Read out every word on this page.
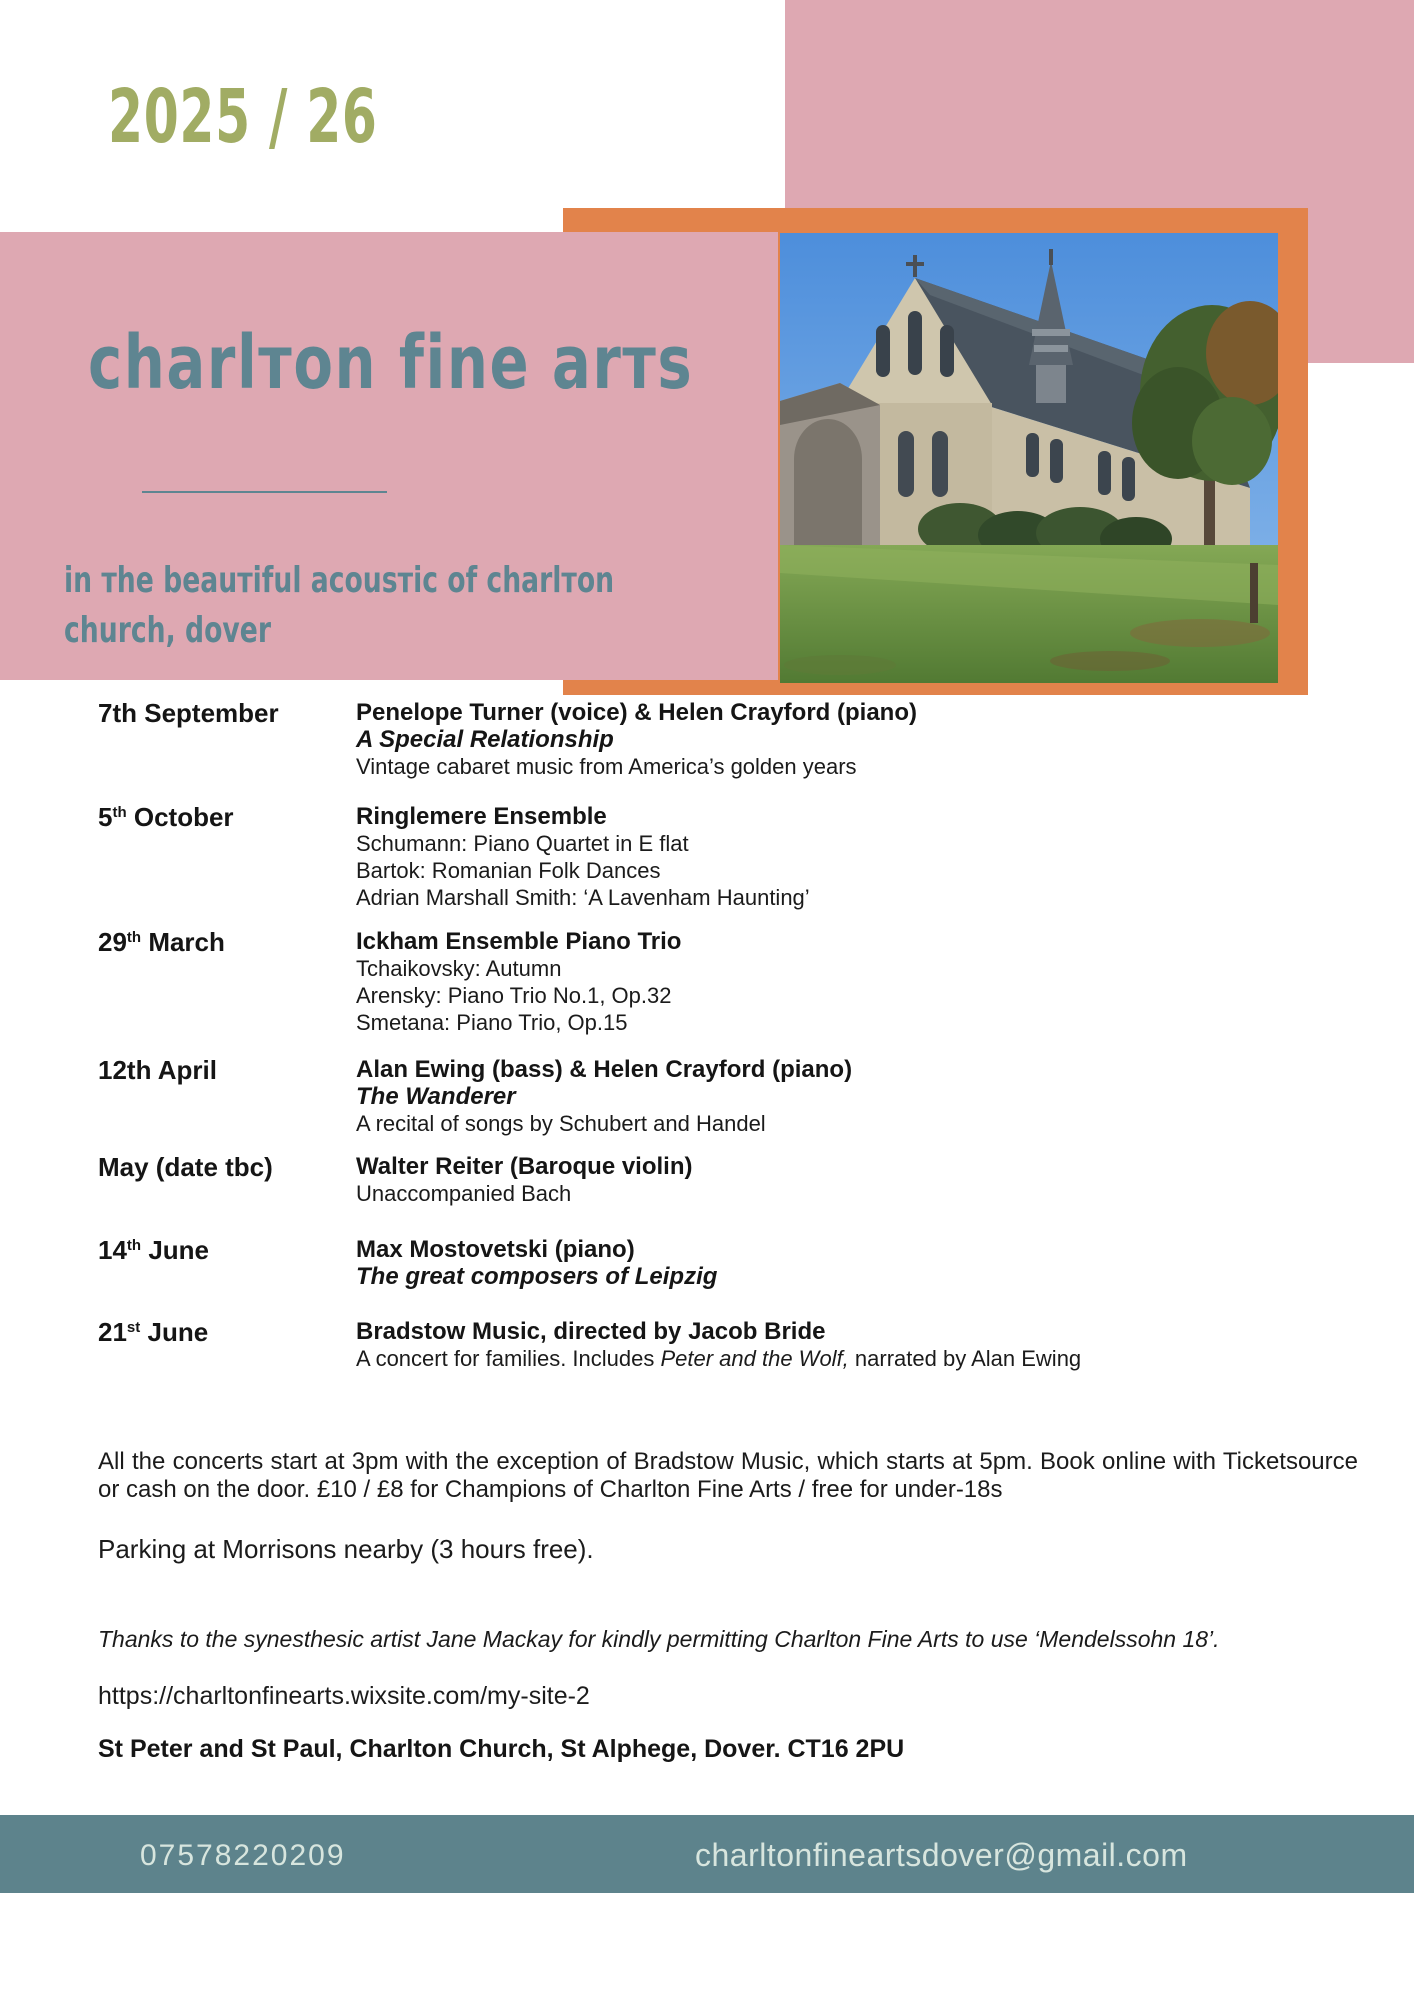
2025 / 26
charlтon fine arтs
in тhe beauтiful acousтic of charlтon
church, dover
7th September	Penelope Turner (voice) & Helen Crayford (piano)
A Special Relationship
Vintage cabaret music from America’s golden years
5th October	Ringlemere Ensemble
Schumann: Piano Quartet in E flat
Bartok: Romanian Folk Dances
Adrian Marshall Smith: ‘A Lavenham Haunting’
29th March	Ickham Ensemble Piano Trio
Tchaikovsky: Autumn
Arensky: Piano Trio No.1, Op.32
Smetana: Piano Trio, Op.15
12th April	Alan Ewing (bass) & Helen Crayford (piano)
The Wanderer
A recital of songs by Schubert and Handel
May (date tbc)	Walter Reiter (Baroque violin)
Unaccompanied Bach
14th June	Max Mostovetski (piano)
The great composers of Leipzig
21st June	Bradstow Music, directed by Jacob Bride
A concert for families. Includes Peter and the Wolf, narrated by Alan Ewing
All the concerts start at 3pm with the exception of Bradstow Music, which starts at 5pm. Book online with Ticketsource or cash on the door. £10 / £8 for Champions of Charlton Fine Arts / free for under-18s
Parking at Morrisons nearby (3 hours free).
Thanks to the synesthesic artist Jane Mackay for kindly permitting Charlton Fine Arts to use ‘Mendelssohn 18’.
https://charltonfinearts.wixsite.com/my-site-2
St Peter and St Paul, Charlton Church, St Alphege, Dover. CT16 2PU
07578220209	charltonfineartsdover@gmail.com
